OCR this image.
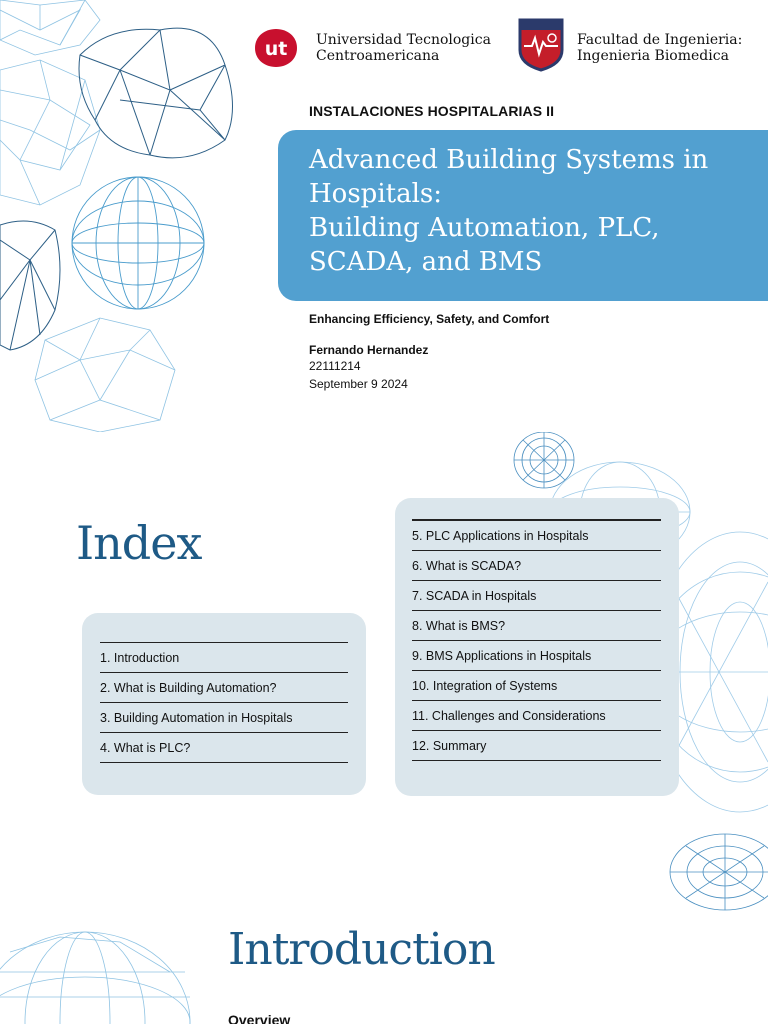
ut Universidad Tecnologica
Centroamericana
Facultad de Ingenieria:
Ingenieria Biomedica
INSTALACIONES HOSPITALARIAS II
Advanced Building Systems in
Hospitals:
Building Automation, PLC,
SCADA, and BMS
Enhancing Efficiency, Safety, and Comfort
Fernando Hernandez
22111214
September 9 2024
Index
1. Introduction
2. What is Building Automation?
3. Building Automation in Hospitals
4. What is PLC?
5. PLC Applications in Hospitals
6. What is SCADA?
7. SCADA in Hospitals
8. What is BMS?
9. BMS Applications in Hospitals
10. Integration of Systems
11. Challenges and Considerations
12. Summary
Introduction
Overview
